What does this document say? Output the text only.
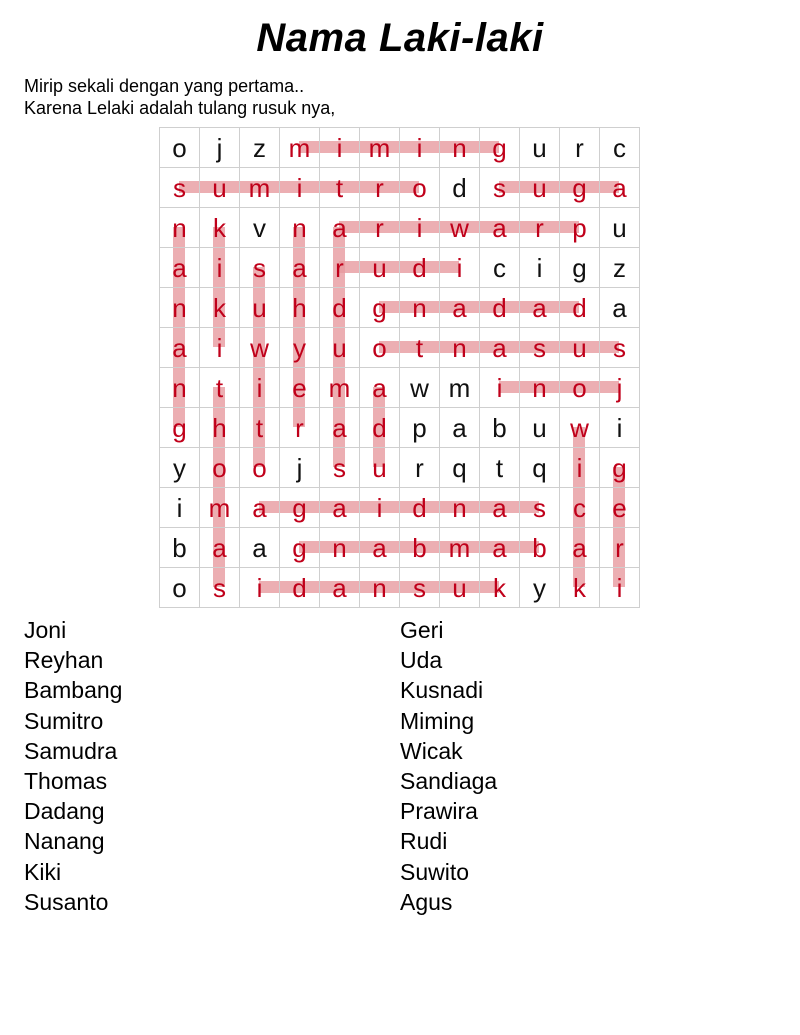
Nama Laki-laki

Mirip sekali dengan yang pertama..

Karena Lelaki adalah tulang rusuk nya,

o	j	z m	i	m	i	n g u	r	c
s	u m	i	t	r	o d	s	u g a
n	k	v	n a	r	i	w a	r	p u
a	i	s	a	r	u d	i	c	i	g	z
n	k	u h d g n a d a d a
a	i	w y	u o	t	n a	s	u	s
n	t	i	e m a w m	i	n o	j
g h	t	r	a d p a b u w	i
y	o o	j	s	u	r	q	t	q	i	g
i	m a g a	i	d n a	s	c	e
b a a g n a b m a b a	r
o	s	i	d a n	s	u	k	y	k	i
Joni
Reyhan
Bambang
Sumitro
Samudra
Thomas
Dadang
Nanang
Kiki
Susanto
Geri
Uda
Kusnadi
Miming
Wicak
Sandiaga
Prawira
Rudi
Suwito
Agus
